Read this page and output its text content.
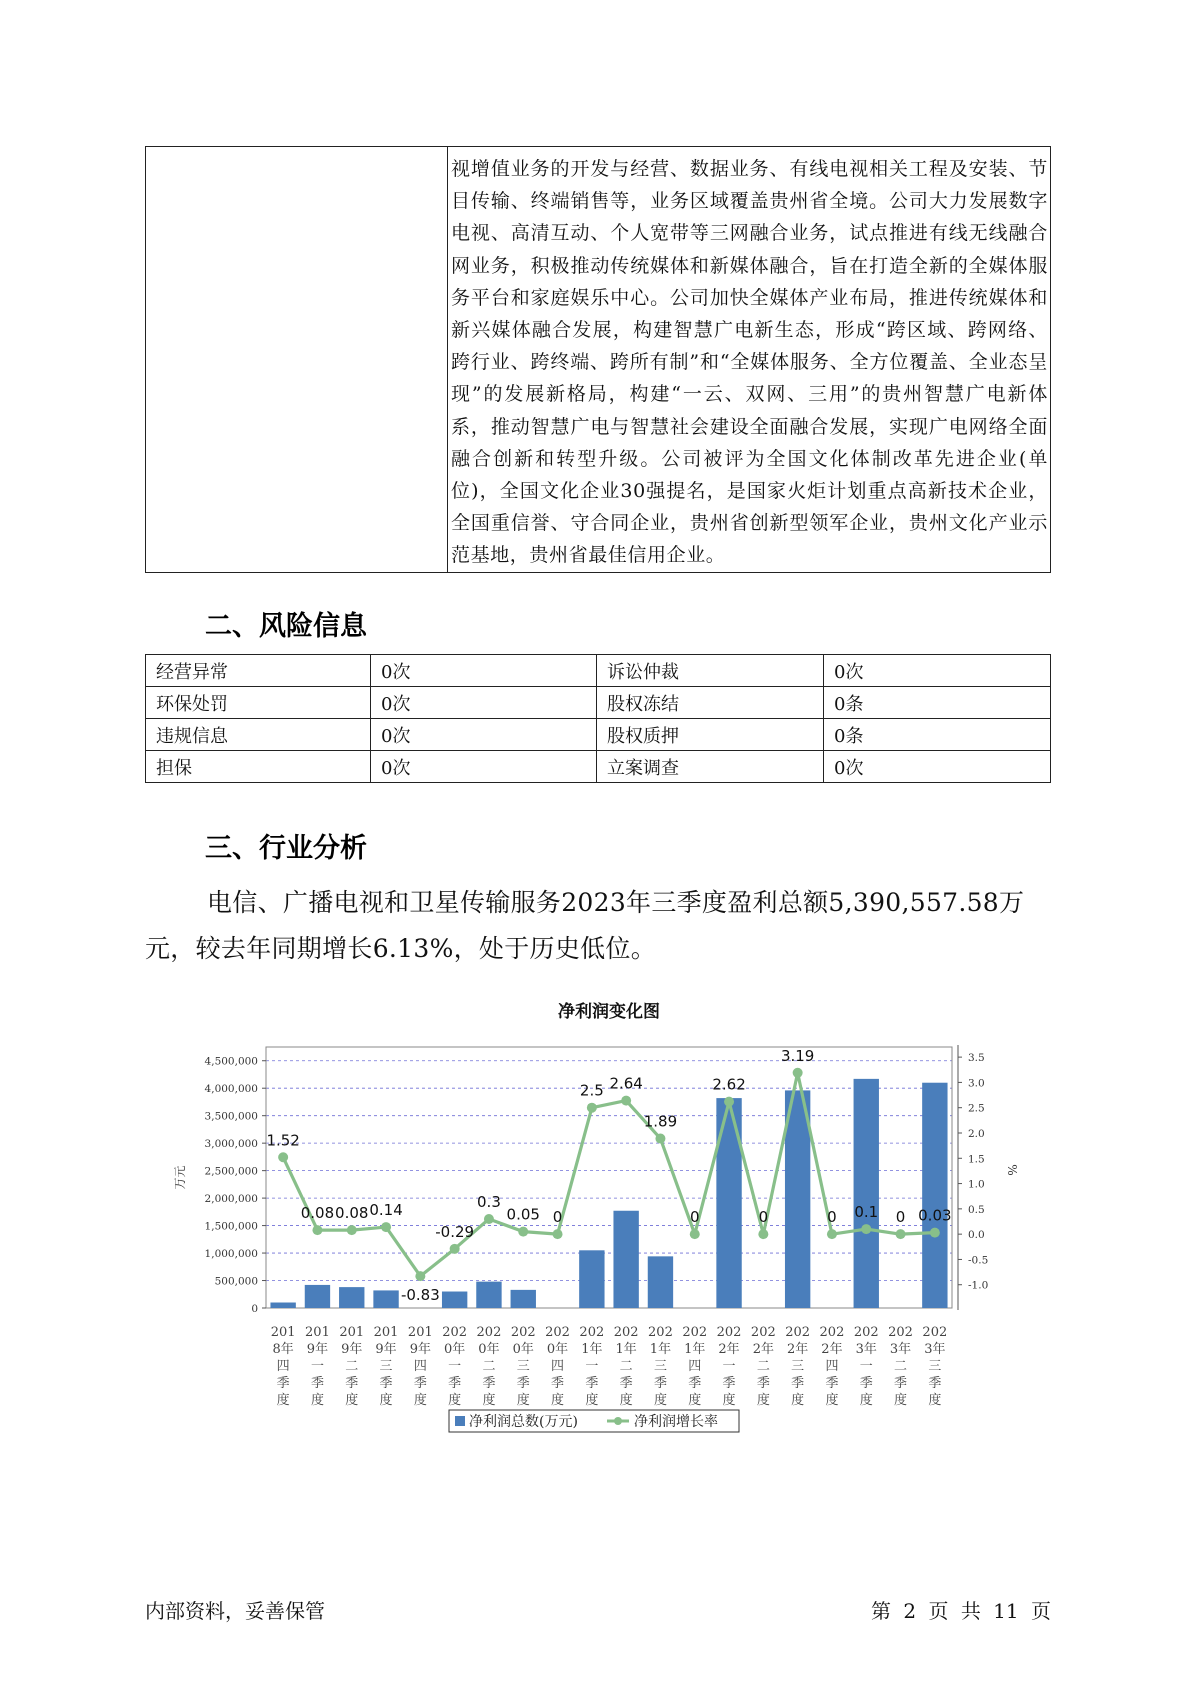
	视增值业务的开发与经营、数据业务、有线电视相关工程及安装、节目传输、终端销售等，业务区域覆盖贵州省全境。公司大力发展数字电视、高清互动、个人宽带等三网融合业务，试点推进有线无线融合网业务，积极推动传统媒体和新媒体融合，旨在打造全新的全媒体服务平台和家庭娱乐中心。公司加快全媒体产业布局，推进传统媒体和新兴媒体融合发展，构建智慧广电新生态，形成“跨区域、跨网络、跨行业、跨终端、跨所有制”和“全媒体服务、全方位覆盖、全业态呈现”的发展新格局，构建“一云、双网、三用”的贵州智慧广电新体系，推动智慧广电与智慧社会建设全面融合发展，实现广电网络全面融合创新和转型升级。公司被评为全国文化体制改革先进企业(单位)，全国文化企业30强提名，是国家火炬计划重点高新技术企业，全国重信誉、守合同企业，贵州省创新型领军企业，贵州文化产业示范基地，贵州省最佳信用企业。
二、风险信息
经营异常	0次	诉讼仲裁	0次
环保处罚	0次	股权冻结	0条
违规信息	0次	股权质押	0条
担保	0次	立案调查	0次
三、行业分析
电信、广播电视和卫星传输服务2023年三季度盈利总额5,390,557.58万元，较去年同期增长6.13%，处于历史低位。
净利润变化图
0
500,000
1,000,000
1,500,000
2,000,000
2,500,000
3,000,000
3,500,000
4,000,000
4,500,000
万元
-1.0
-0.5
0.0
0.5
1.0
1.5
2.0
2.5
3.0
3.5
%
1.52
0.08 0.08 0.14
-0.83
-0.29
0.3
0.05 0
2.5 2.64
1.89
0
2.62
0
3.19
0 0.1 0 0.03
201
8年
四
季
度
201
9年
一
季
度
201
9年
二
季
度
201
9年
三
季
度
201
9年
四
季
度
202
0年
一
季
度
202
0年
二
季
度
202
0年
三
季
度
202
0年
四
季
度
202
1年
一
季
度
202
1年
二
季
度
202
1年
三
季
度
202
1年
四
季
度
202
2年
一
季
度
202
2年
二
季
度
202
2年
三
季
度
202
2年
四
季
度
202
3年
一
季
度
202
3年
二
季
度
202
3年
三
季
度
净利润总数(万元)	净利润增长率
内部资料，妥善保管	第 2 页 共 11 页
